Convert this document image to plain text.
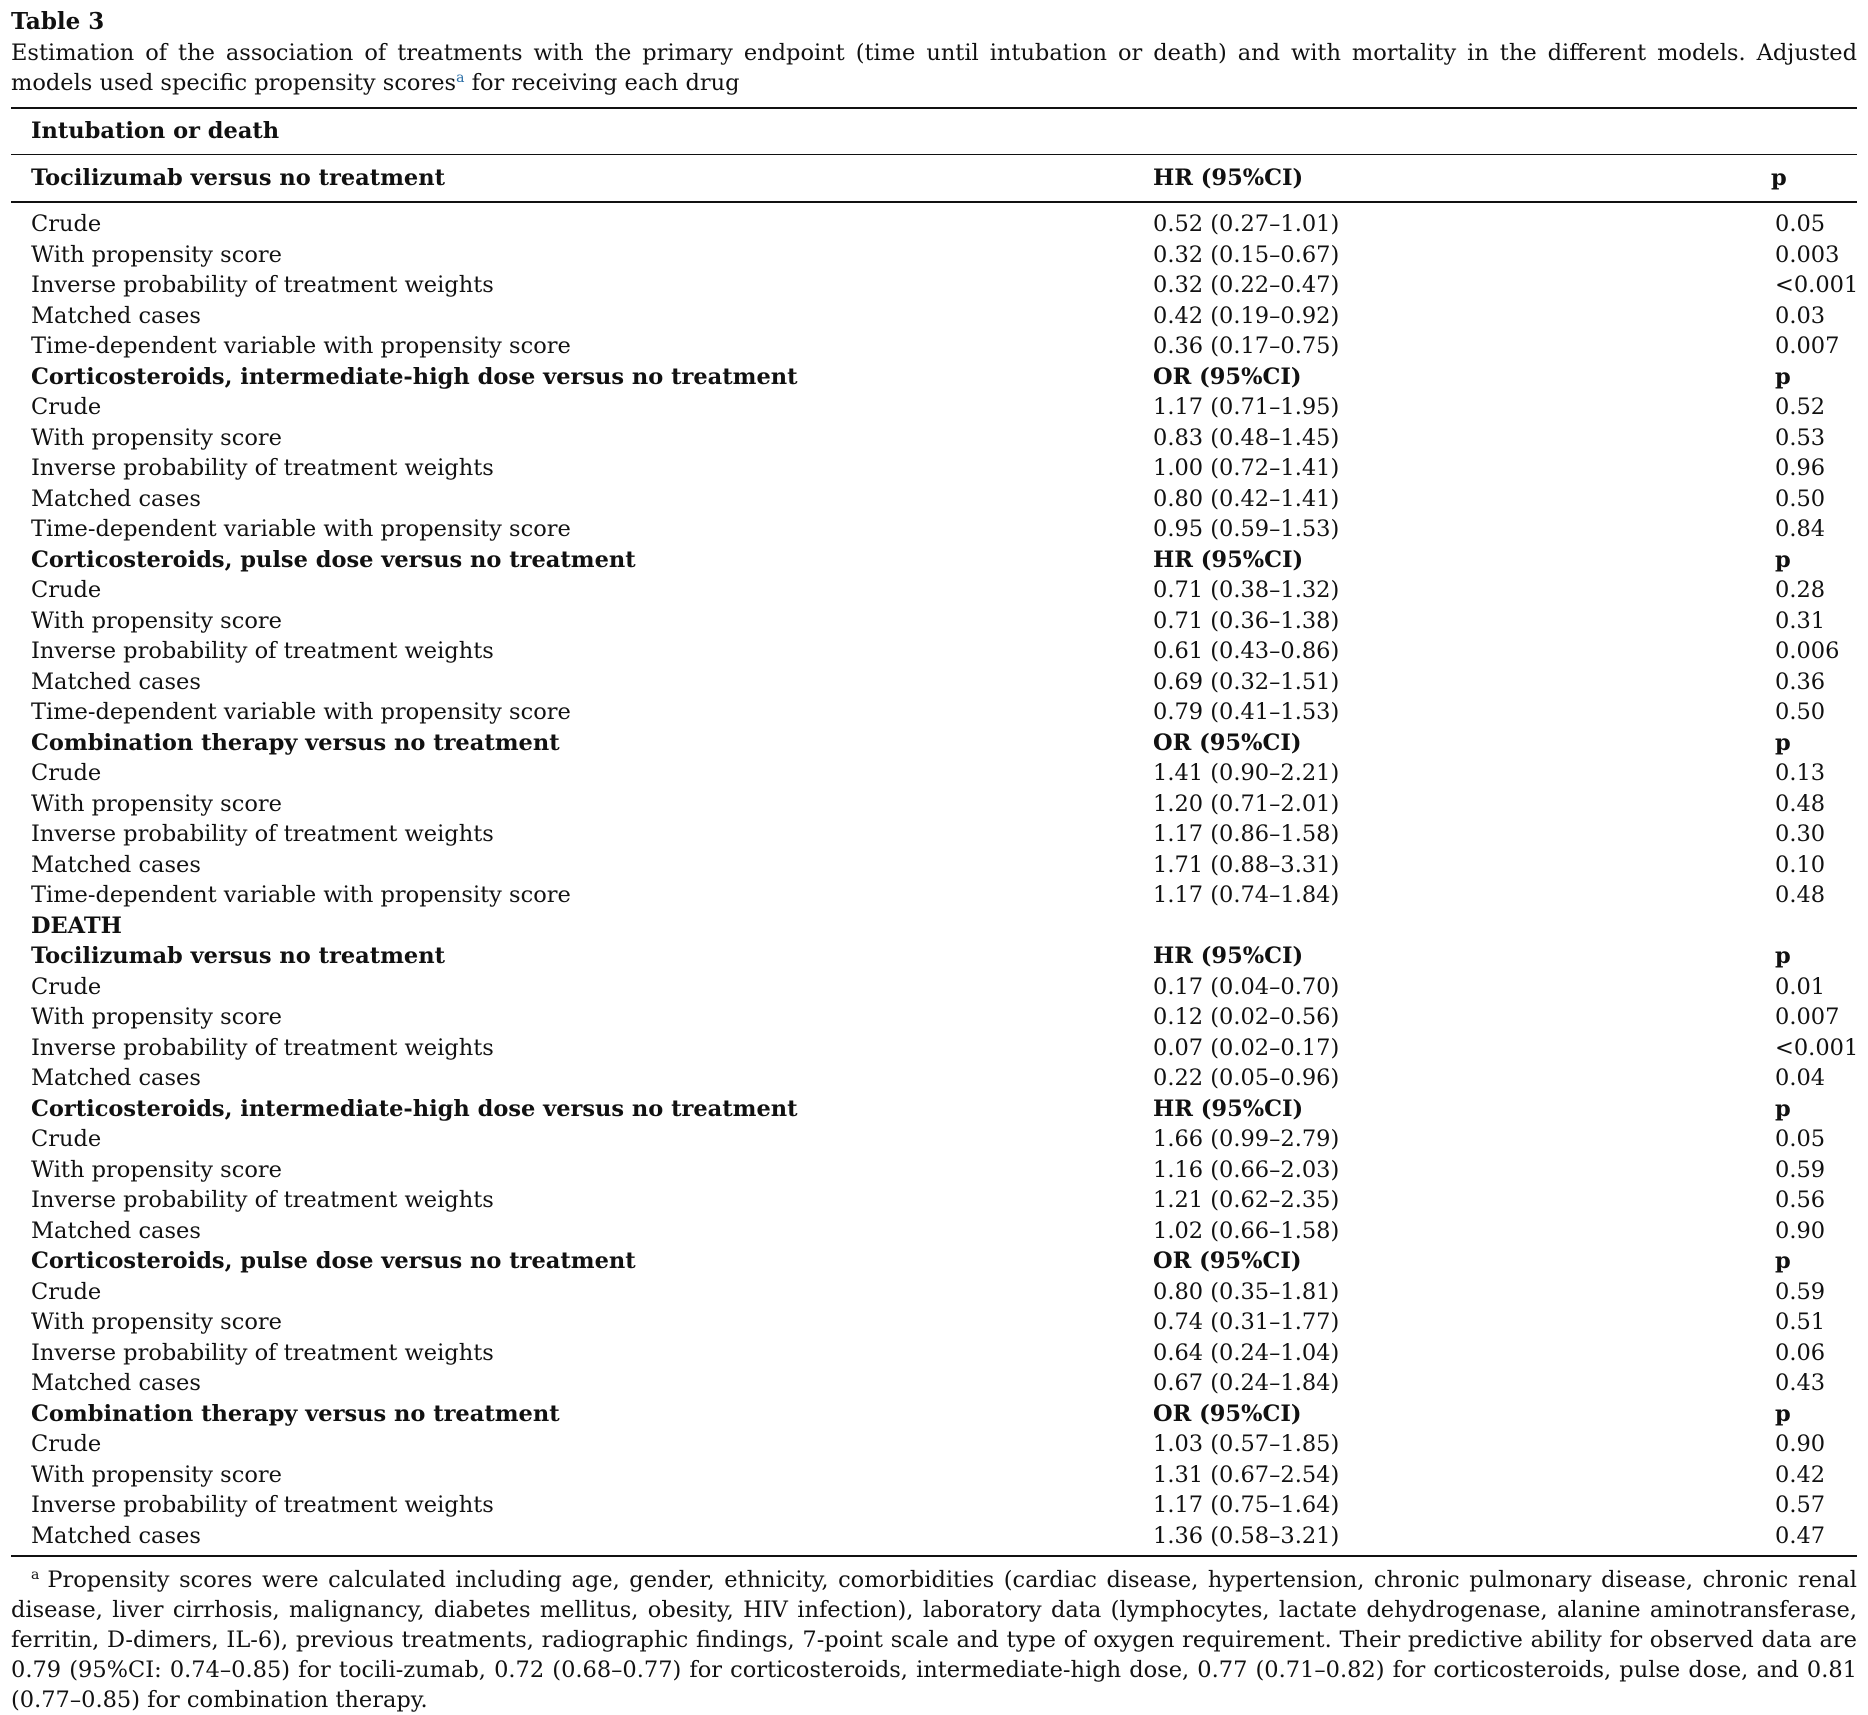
Table 3
Estimation of the association of treatments with the primary endpoint (time until intubation or death) and with mortality in the different models. Adjusted models used specific propensity scores$^a$ for receiving each drug
Intubation or death
Tocilizumab versus no treatment	HR (95%CI)	p
Crude	0.52 (0.27–1.01)	0.05
With propensity score	0.32 (0.15–0.67)	0.003
Inverse probability of treatment weights	0.32 (0.22–0.47)	<0.001
Matched cases	0.42 (0.19–0.92)	0.03
Time-dependent variable with propensity score	0.36 (0.17–0.75)	0.007
Corticosteroids, intermediate-high dose versus no treatment	OR (95%CI)	p
Crude	1.17 (0.71–1.95)	0.52
With propensity score	0.83 (0.48–1.45)	0.53
Inverse probability of treatment weights	1.00 (0.72–1.41)	0.96
Matched cases	0.80 (0.42–1.41)	0.50
Time-dependent variable with propensity score	0.95 (0.59–1.53)	0.84
Corticosteroids, pulse dose versus no treatment	HR (95%CI)	p
Crude	0.71 (0.38–1.32)	0.28
With propensity score	0.71 (0.36–1.38)	0.31
Inverse probability of treatment weights	0.61 (0.43–0.86)	0.006
Matched cases	0.69 (0.32–1.51)	0.36
Time-dependent variable with propensity score	0.79 (0.41–1.53)	0.50
Combination therapy versus no treatment	OR (95%CI)	p
Crude	1.41 (0.90–2.21)	0.13
With propensity score	1.20 (0.71–2.01)	0.48
Inverse probability of treatment weights	1.17 (0.86–1.58)	0.30
Matched cases	1.71 (0.88–3.31)	0.10
Time-dependent variable with propensity score	1.17 (0.74–1.84)	0.48
DEATH		
Tocilizumab versus no treatment	HR (95%CI)	p
Crude	0.17 (0.04–0.70)	0.01
With propensity score	0.12 (0.02–0.56)	0.007
Inverse probability of treatment weights	0.07 (0.02–0.17)	<0.001
Matched cases	0.22 (0.05–0.96)	0.04
Corticosteroids, intermediate-high dose versus no treatment	HR (95%CI)	p
Crude	1.66 (0.99–2.79)	0.05
With propensity score	1.16 (0.66–2.03)	0.59
Inverse probability of treatment weights	1.21 (0.62–2.35)	0.56
Matched cases	1.02 (0.66–1.58)	0.90
Corticosteroids, pulse dose versus no treatment	OR (95%CI)	p
Crude	0.80 (0.35–1.81)	0.59
With propensity score	0.74 (0.31–1.77)	0.51
Inverse probability of treatment weights	0.64 (0.24–1.04)	0.06
Matched cases	0.67 (0.24–1.84)	0.43
Combination therapy versus no treatment	OR (95%CI)	p
Crude	1.03 (0.57–1.85)	0.90
With propensity score	1.31 (0.67–2.54)	0.42
Inverse probability of treatment weights	1.17 (0.75–1.64)	0.57
Matched cases	1.36 (0.58–3.21)	0.47
$^a$ Propensity scores were calculated including age, gender, ethnicity, comorbidities (cardiac disease, hypertension, chronic pulmonary disease, chronic renal disease, liver cirrhosis, malignancy, diabetes mellitus, obesity, HIV infection), laboratory data (lymphocytes, lactate dehydrogenase, alanine aminotransferase, ferritin, D-dimers, IL-6), previous treatments, radiographic findings, 7-point scale and type of oxygen requirement. Their predictive ability for observed data are 0.79 (95%CI: 0.74–0.85) for tocili-zumab, 0.72 (0.68–0.77) for corticosteroids, intermediate-high dose, 0.77 (0.71–0.82) for corticosteroids, pulse dose, and 0.81 (0.77–0.85) for combination therapy.
